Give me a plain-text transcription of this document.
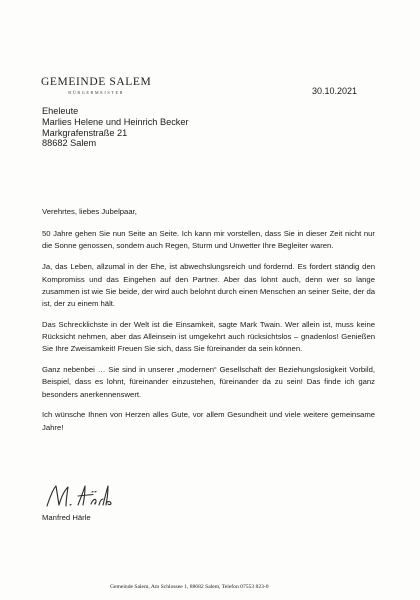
GEMEINDE SALEM
BÜRGERMEISTER	30.10.2021
Eheleute
Marlies Helene und Heinrich Becker
Markgrafenstraße 21
88682 Salem

Verehrtes, liebes Jubelpaar,

50 Jahre gehen Sie nun Seite an Seite. Ich kann mir vorstellen, dass Sie in dieser Zeit nicht nur die Sonne genossen, sondern auch Regen, Sturm und Unwetter Ihre Begleiter waren.

Ja, das Leben, allzumal in der Ehe, ist abwechslungsreich und fordernd. Es fordert ständig den Kompromiss und das Eingehen auf den Partner. Aber das lohnt auch, denn wer so lange zusammen ist wie Sie beide, der wird auch belohnt durch einen Menschen an seiner Seite, der da ist, der zu einem hält.

Das Schrecklichste in der Welt ist die Einsamkeit, sagte Mark Twain. Wer allein ist, muss keine Rücksicht nehmen, aber das Alleinsein ist umgekehrt auch rücksichtslos – gnadenlos! Genießen Sie Ihre Zweisamkeit! Freuen Sie sich, dass Sie füreinander da sein können.

Ganz nebenbei … Sie sind in unserer „modernen“ Gesellschaft der Beziehungslosigkeit Vorbild, Beispiel, dass es lohnt, füreinander einzustehen, füreinander da zu sein! Das finde ich ganz besonders anerkennenswert.

Ich wünsche Ihnen von Herzen alles Gute, vor allem Gesundheit und viele weitere gemeinsame Jahre!

Manfred Härle
Gemeinde Salem, Am Schlossee 1, 88682 Salem, Telefon 07553 823-0
